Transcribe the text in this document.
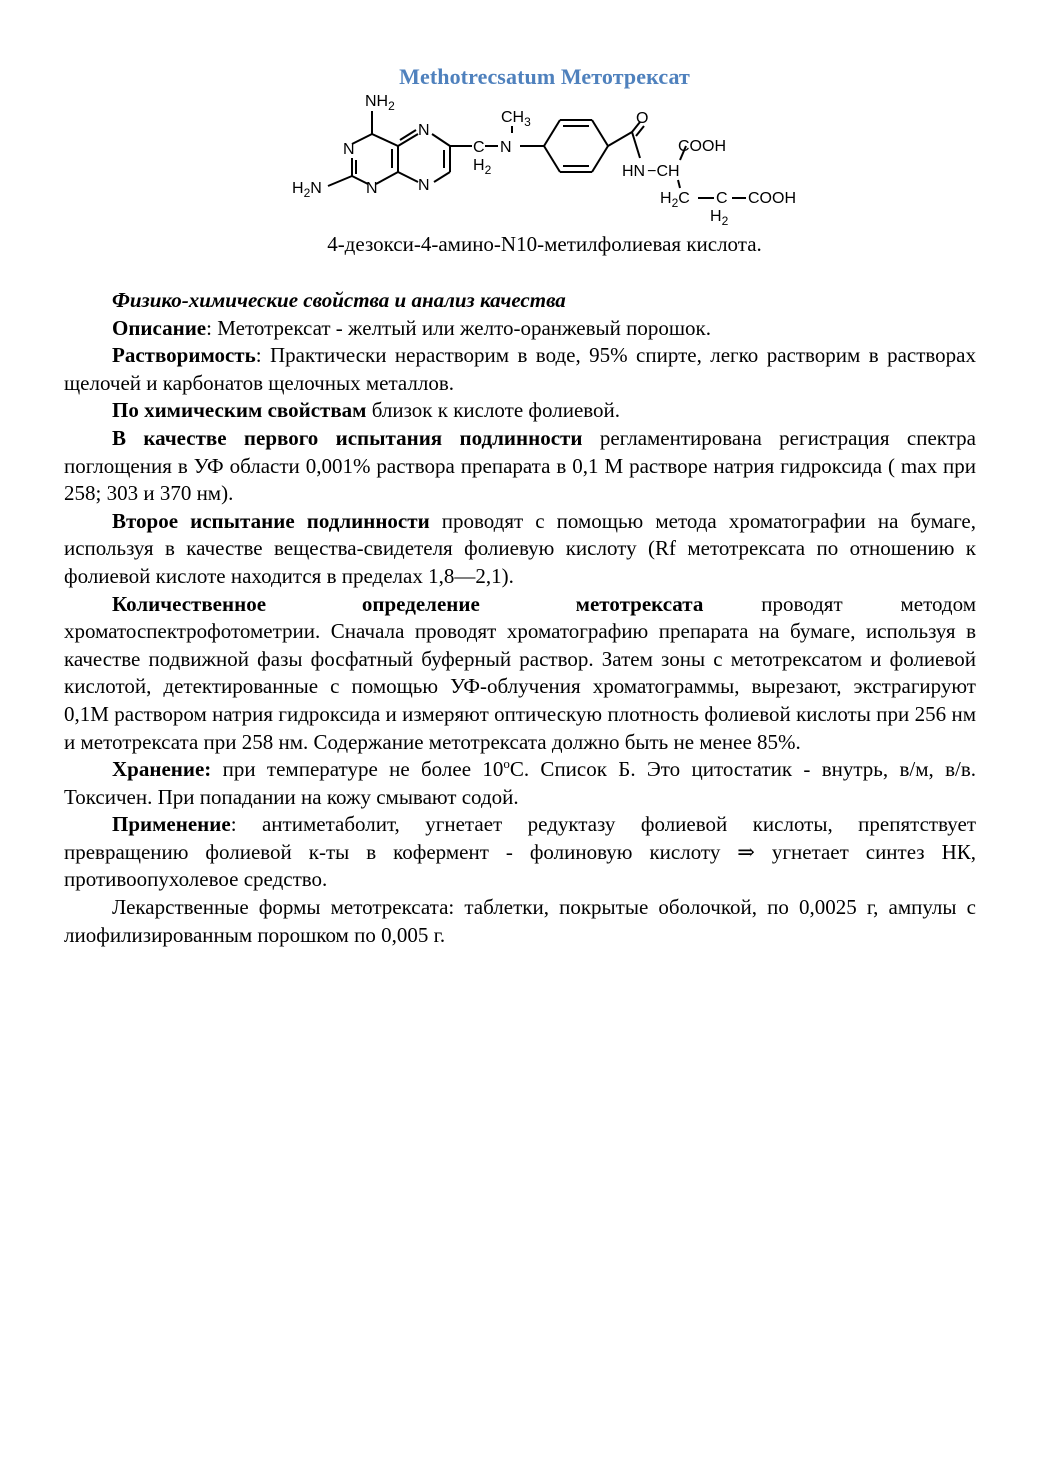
Methotrecsatum Метотрексат
$NH_2$
$CH_3$	O
N
N
N	N
C
$H_2$
N
$H_2N$
COOH
HN −CH
$H_2C$ C COOH
$H_2$
4-дезокси-4-амино-N10-метилфолиевая кислота.

Физико-химические свойства и анализ качества

Описание: Метотрексат - желтый или желто-оранжевый порошок.

Растворимость: Практически нерастворим в воде, 95% спирте, легко растворим в растворах щелочей и карбонатов щелочных металлов.

По химическим свойствам близок к кислоте фолиевой.

В качестве первого испытания подлинности регламентирована регистрация спектра поглощения в УФ области 0,001% раствора препарата в 0,1 М растворе натрия гидроксида ( max при 258; 303 и 370 нм).

Второе испытание подлинности проводят с помощью метода хроматографии на бумаге, используя в качестве вещества-свидетеля фолиевую кислоту (Rf метотрексата по отношению к фолиевой кислоте находится в пределах 1,8—2,1).

Количественное определение метотрексата проводят методом хроматоспектрофотометрии. Сначала проводят хроматографию препарата на бумаге, используя в качестве подвижной фазы фосфатный буферный раствор. Затем зоны с метотрексатом и фолиевой кислотой, детектированные с помощью УФ-облучения хроматограммы, вырезают, экстрагируют 0,1М раствором натрия гидроксида и измеряют оптическую плотность фолиевой кислоты при 256 нм и метотрексата при 258 нм. Содержание метотрексата должно быть не менее 85%.

Хранение: при температуре не более 10$^o$С. Список Б. Это цитостатик - внутрь, в/м, в/в. Токсичен. При попадании на кожу смывают содой.

Применение: антиметаболит, угнетает редуктазу фолиевой кислоты, препятствует превращению фолиевой к-ты в кофермент - фолиновую кислоту ⇒ угнетает синтез НК, противоопухолевое средство.

Лекарственные формы метотрексата: таблетки, покрытые оболочкой, по 0,0025 г, ампулы с лиофилизированным порошком по 0,005 г.
